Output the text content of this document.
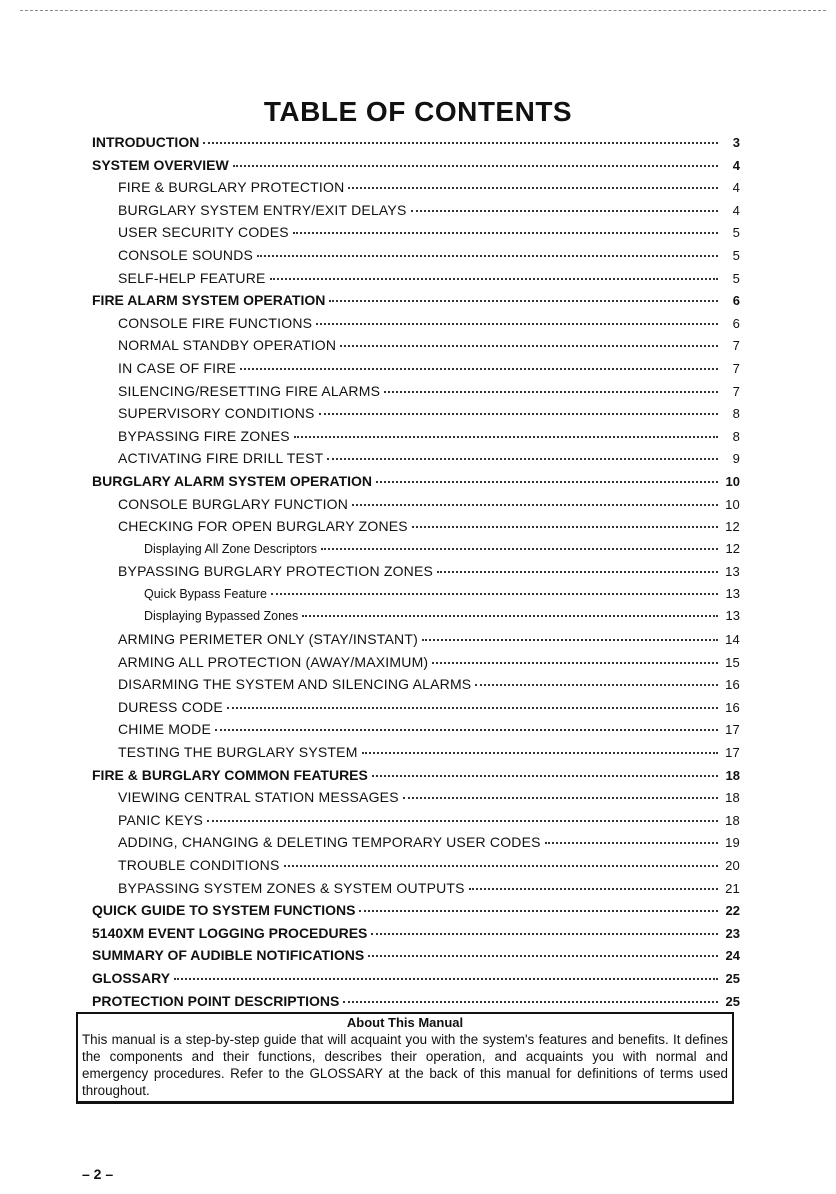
TABLE OF CONTENTS
INTRODUCTION	3
SYSTEM OVERVIEW	4
FIRE & BURGLARY PROTECTION	4
BURGLARY SYSTEM ENTRY/EXIT DELAYS	4
USER SECURITY CODES	5
CONSOLE SOUNDS	5
SELF-HELP FEATURE	5
FIRE ALARM SYSTEM OPERATION	6
CONSOLE FIRE FUNCTIONS	6
NORMAL STANDBY OPERATION	7
IN CASE OF FIRE	7
SILENCING/RESETTING FIRE ALARMS	7
SUPERVISORY CONDITIONS	8
BYPASSING FIRE ZONES	8
ACTIVATING FIRE DRILL TEST	9
BURGLARY ALARM SYSTEM OPERATION	10
CONSOLE BURGLARY FUNCTION	10
CHECKING FOR OPEN BURGLARY ZONES	12
Displaying All Zone Descriptors	12
BYPASSING BURGLARY PROTECTION ZONES	13
Quick Bypass Feature	13
Displaying Bypassed Zones	13
ARMING PERIMETER ONLY (STAY/INSTANT)	14
ARMING ALL PROTECTION (AWAY/MAXIMUM)	15
DISARMING THE SYSTEM AND SILENCING ALARMS	16
DURESS CODE	16
CHIME MODE	17
TESTING THE BURGLARY SYSTEM	17
FIRE & BURGLARY COMMON FEATURES	18
VIEWING CENTRAL STATION MESSAGES	18
PANIC KEYS	18
ADDING, CHANGING & DELETING TEMPORARY USER CODES	19
TROUBLE CONDITIONS	20
BYPASSING SYSTEM ZONES & SYSTEM OUTPUTS	21
QUICK GUIDE TO SYSTEM FUNCTIONS	22
5140XM EVENT LOGGING PROCEDURES	23
SUMMARY OF AUDIBLE NOTIFICATIONS	24
GLOSSARY	25
PROTECTION POINT DESCRIPTIONS	25
About This Manual
This manual is a step-by-step guide that will acquaint you with the system's features and benefits. It defines the components and their functions, describes their operation, and acquaints you with normal and emergency procedures. Refer to the GLOSSARY at the back of this manual for definitions of terms used throughout.
– 2 –
